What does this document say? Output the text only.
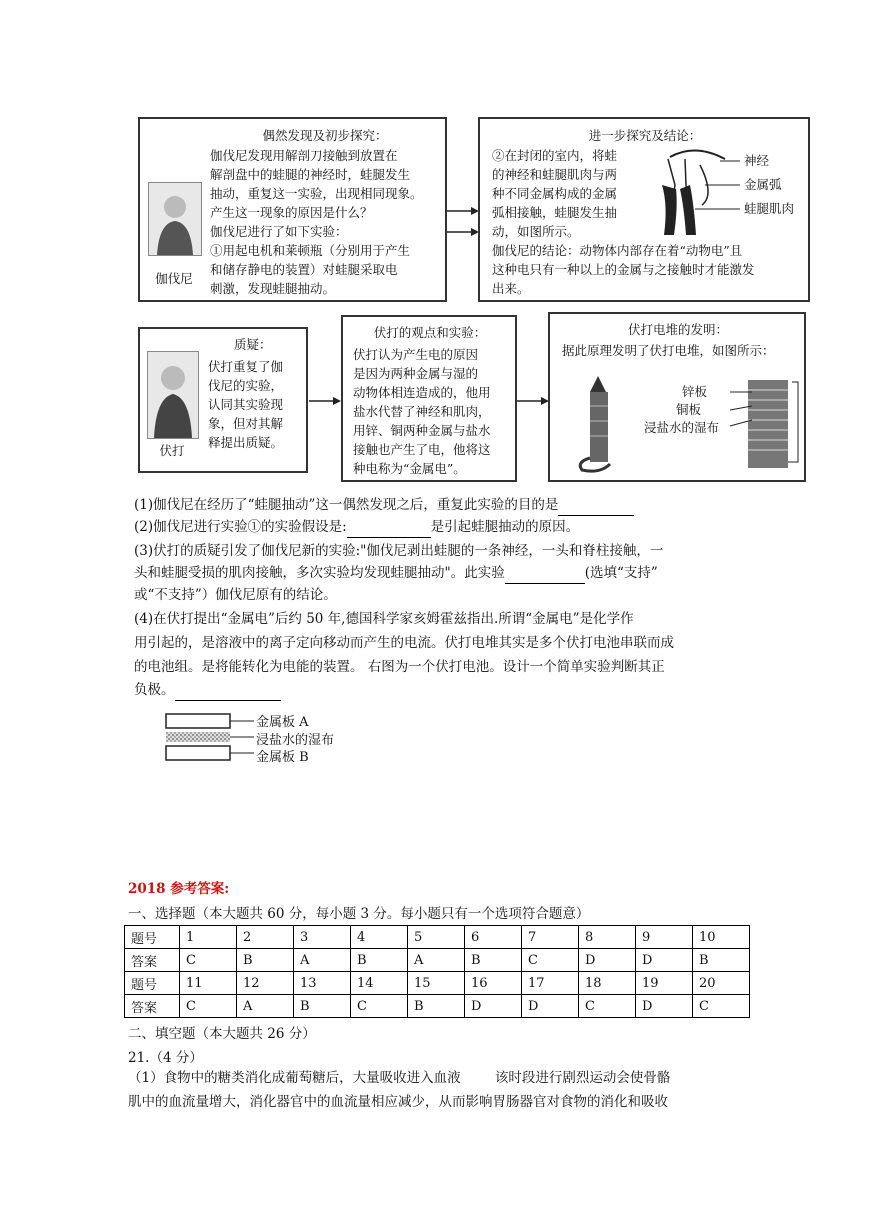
伽伐尼
偶然发现及初步探究：
伽伐尼发现用解剖刀接触到放置在
解剖盘中的蛙腿的神经时，蛙腿发生
抽动，重复这一实验，出现相同现象。
产生这一现象的原因是什么？
伽伐尼进行了如下实验：
①用起电机和莱顿瓶（分别用于产生
和储存静电的装置）对蛙腿采取电
刺激，发现蛙腿抽动。
进一步探究及结论：
②在封闭的室内，将蛙
的神经和蛙腿肌肉与两
种不同金属构成的金属
弧相接触，蛙腿发生抽
动，如图所示。
伽伐尼的结论：动物体内部存在着“动物电”且
这种电只有一种以上的金属与之接触时才能激发
出来。
神经
金属弧
蛙腿肌肉
伏打
质疑：
伏打重复了伽
伐尼的实验，
认同其实验现
象，但对其解
释提出质疑。
伏打的观点和实验：
伏打认为产生电的原因
是因为两种金属与湿的
动物体相连造成的，他用
盐水代替了神经和肌肉，
用锌、铜两种金属与盐水
接触也产生了电，他将这
种电称为“金属电”。
伏打电堆的发明：
据此原理发明了伏打电堆，如图所示：
锌板
铜板
浸盐水的湿布
(1)伽伐尼在经历了“蛙腿抽动”这一偶然发现之后，重复此实验的目的是
(2)伽伐尼进行实验①的实验假设是:	是引起蛙腿抽动的原因。
(3)伏打的质疑引发了伽伐尼新的实验:"伽伐尼剥出蛙腿的一条神经，一头和脊柱接触，一
头和蛙腿受损的肌肉接触，多次实验均发现蛙腿抽动"。此实验	(选填“支持”
或“不支持”）伽伐尼原有的结论。
(4)在伏打提出“金属电”后约 50 年,德国科学家亥姆霍兹指出.所谓“金属电”是化学作
用引起的，是溶液中的离子定向移动而产生的电流。伏打电堆其实是多个伏打电池串联而成
的电池组。是将能转化为电能的装置。 右图为一个伏打电池。设计一个简单实验判断其正
负极。
金属板 A
浸盐水的湿布
金属板 B
2018 参考答案:
一、选择题（本大题共 60 分，每小题 3 分。每小题只有一个选项符合题意）
题号	1	2	3	4	5	6	7	8	9	10
答案	C	B	A	B	A	B	C	D	D	B
题号	11	12	13	14	15	16	17	18	19	20
答案	C	A	B	C	B	D	D	C	D	C
二、填空题（本大题共 26 分）
21.（4 分）
（1）食物中的糖类消化成葡萄糖后，大量吸收进入血液        该时段进行剧烈运动会使骨骼
肌中的血流量增大，消化器官中的血流量相应减少，从而影响胃肠器官对食物的消化和吸收
